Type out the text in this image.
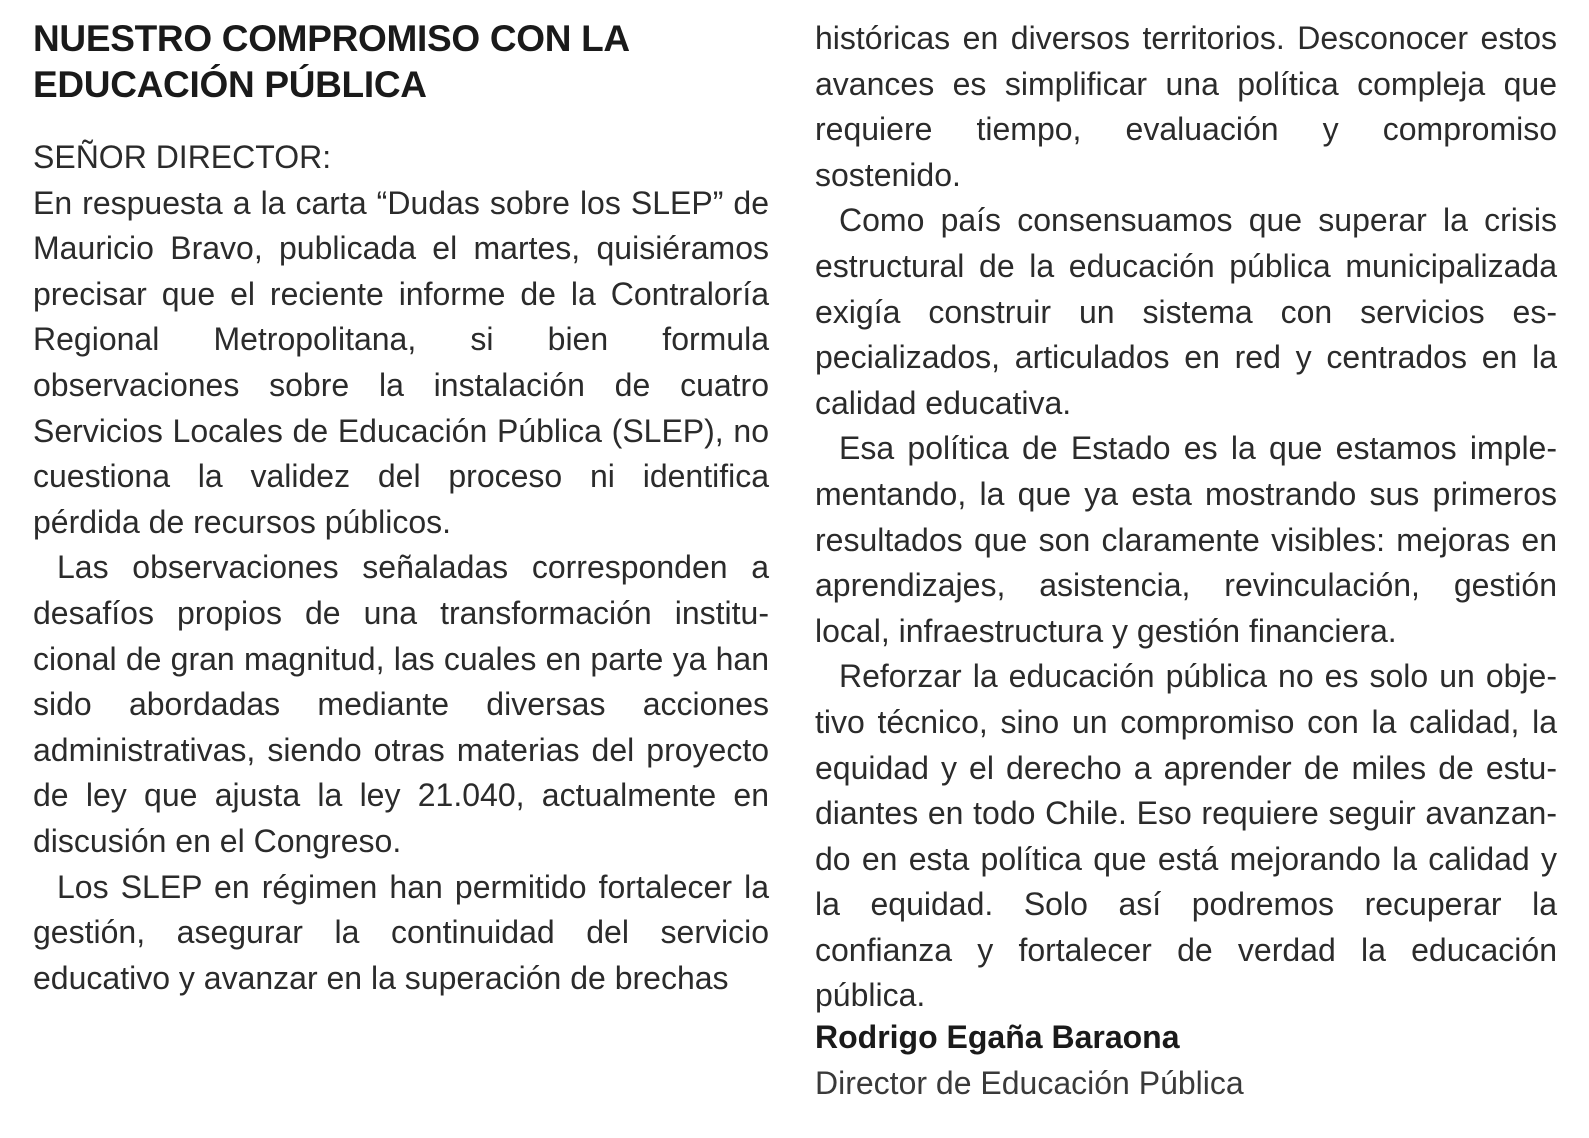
NUESTRO COMPROMISO CON LA
EDUCACIÓN PÚBLICA

SEÑOR DIRECTOR:

En respuesta a la carta “Dudas sobre los SLEP” de Mauricio Bravo, publicada el martes, quisiéramos precisar que el reciente informe de la Contraloría Regional Metropolitana, si bien formula observaciones sobre la instalación de cuatro Servicios Locales de Educación Pública (SLEP), no cuestiona la validez del proceso ni identifica pérdida de recursos públicos.

Las observaciones señaladas corresponden a desafíos propios de una transformación institucional de gran magnitud, las cuales en parte ya han sido abordadas mediante diversas acciones administrativas, siendo otras materias del proyecto de ley que ajusta la ley 21.040, actualmente en discusión en el Congreso.

Los SLEP en régimen han permitido fortalecer la gestión, asegurar la continuidad del servicio educativo y avanzar en la superación de brechas

históricas en diversos territorios. Desconocer estos avances es simplificar una política compleja que requiere tiempo, evaluación y compromiso sostenido.

Como país consensuamos que superar la crisis estructural de la educación pública municipalizada exigía construir un sistema con servicios especializados, articulados en red y centrados en la calidad educativa.

Esa política de Estado es la que estamos implementando, la que ya esta mostrando sus primeros resultados que son claramente visibles: mejoras en aprendizajes, asistencia, revinculación, gestión local, infraestructura y gestión financiera.

Reforzar la educación pública no es solo un objetivo técnico, sino un compromiso con la calidad, la equidad y el derecho a aprender de miles de estudiantes en todo Chile. Eso requiere seguir avanzando en esta política que está mejorando la calidad y la equidad. Solo así podremos recuperar la confianza y fortalecer de verdad la educación pública.

Rodrigo Egaña Baraona
Director de Educación Pública
